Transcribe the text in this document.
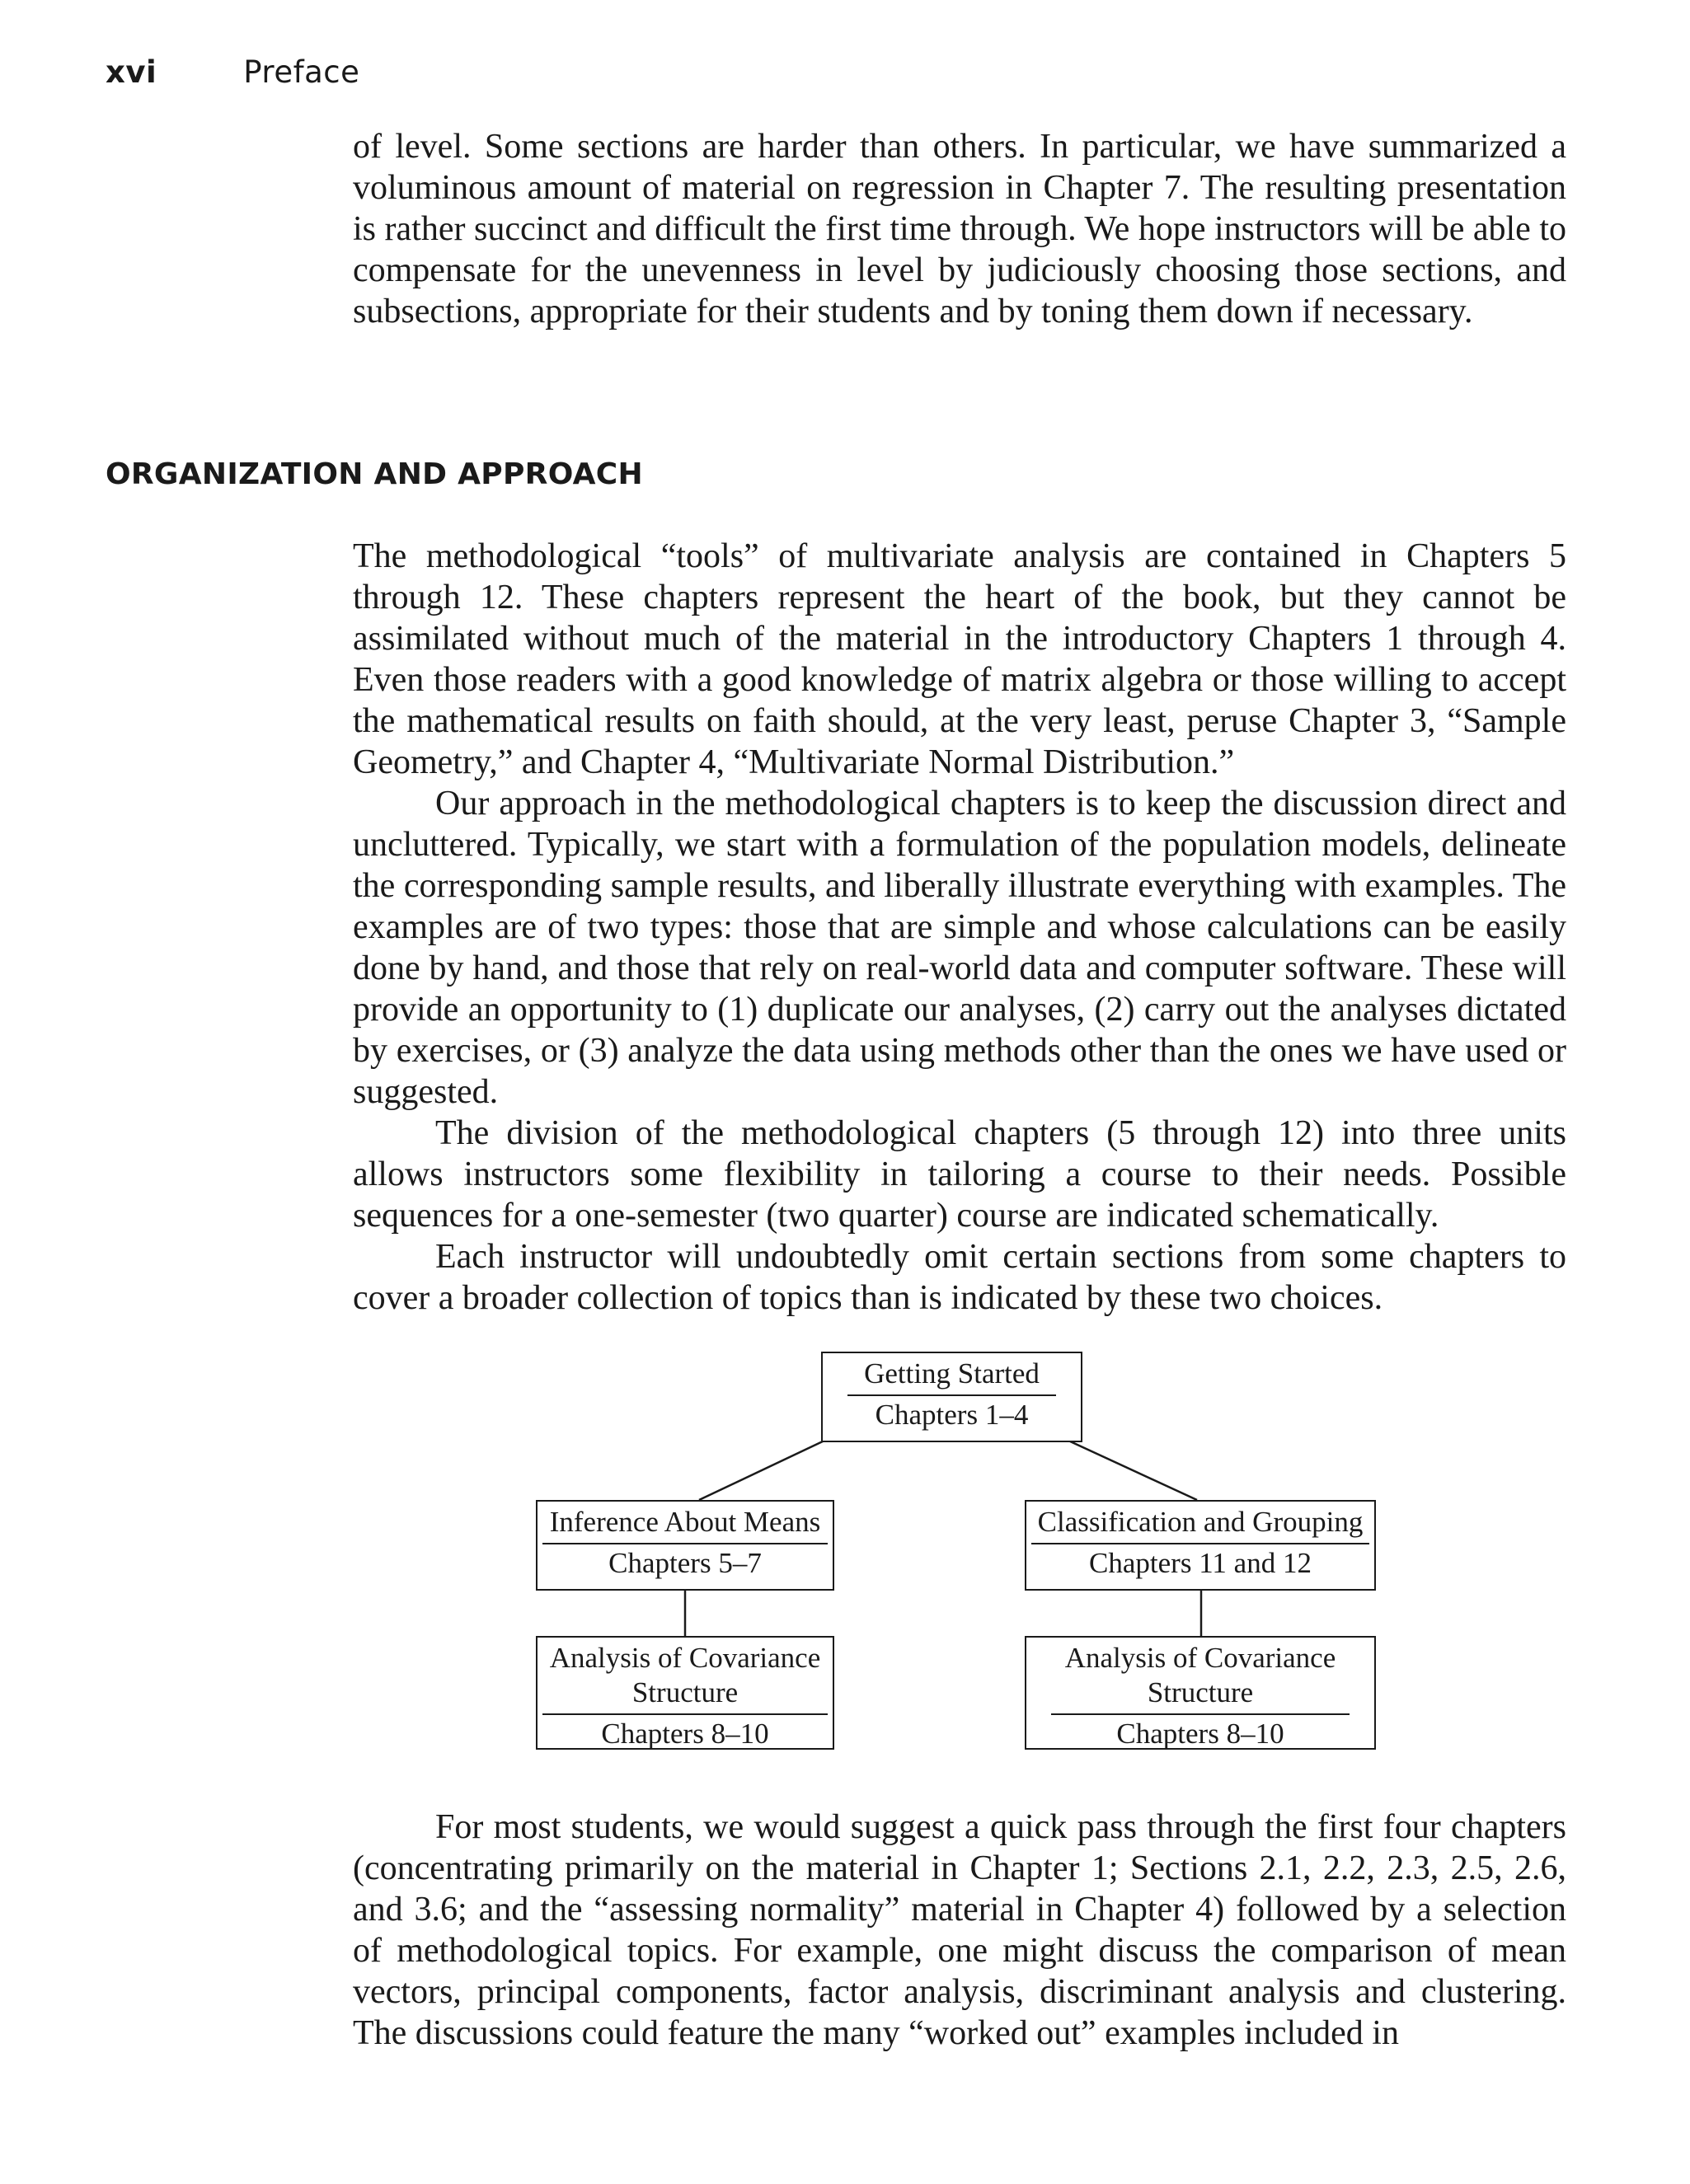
xvi	Preface

of level. Some sections are harder than others. In particular, we have summarized a voluminous amount of material on regression in Chapter 7. The resulting presentation is rather succinct and difficult the first time through. We hope instructors will be able to compensate for the unevenness in level by judiciously choosing those sections, and subsections, appropriate for their students and by toning them down if necessary.

ORGANIZATION AND APPROACH

The methodological “tools” of multivariate analysis are contained in Chapters 5 through 12. These chapters represent the heart of the book, but they cannot be assimilated without much of the material in the introductory Chapters 1 through 4. Even those readers with a good knowledge of matrix algebra or those willing to accept the mathematical results on faith should, at the very least, peruse Chapter 3, “Sample Geometry,” and Chapter 4, “Multivariate Normal Distribution.”

Our approach in the methodological chapters is to keep the discussion direct and uncluttered. Typically, we start with a formulation of the population models, delineate the corresponding sample results, and liberally illustrate everything with examples. The examples are of two types: those that are simple and whose calculations can be easily done by hand, and those that rely on real-world data and computer software. These will provide an opportunity to (1) duplicate our analyses, (2) carry out the analyses dictated by exercises, or (3) analyze the data using methods other than the ones we have used or suggested.

The division of the methodological chapters (5 through 12) into three units allows instructors some flexibility in tailoring a course to their needs. Possible sequences for a one-semester (two quarter) course are indicated schematically.

Each instructor will undoubtedly omit certain sections from some chapters to cover a broader collection of topics than is indicated by these two choices.

Getting Started
Chapters 1–4
Inference About Means
Chapters 5–7
Classification and Grouping
Chapters 11 and 12
Analysis of Covariance
Structure
Chapters 8–10
Analysis of Covariance
Structure
Chapters 8–10

For most students, we would suggest a quick pass through the first four chapters (concentrating primarily on the material in Chapter 1; Sections 2.1, 2.2, 2.3, 2.5, 2.6, and 3.6; and the “assessing normality” material in Chapter 4) followed by a selection of methodological topics. For example, one might discuss the comparison of mean vectors, principal components, factor analysis, discriminant analysis and clustering. The discussions could feature the many “worked out” examples included in
